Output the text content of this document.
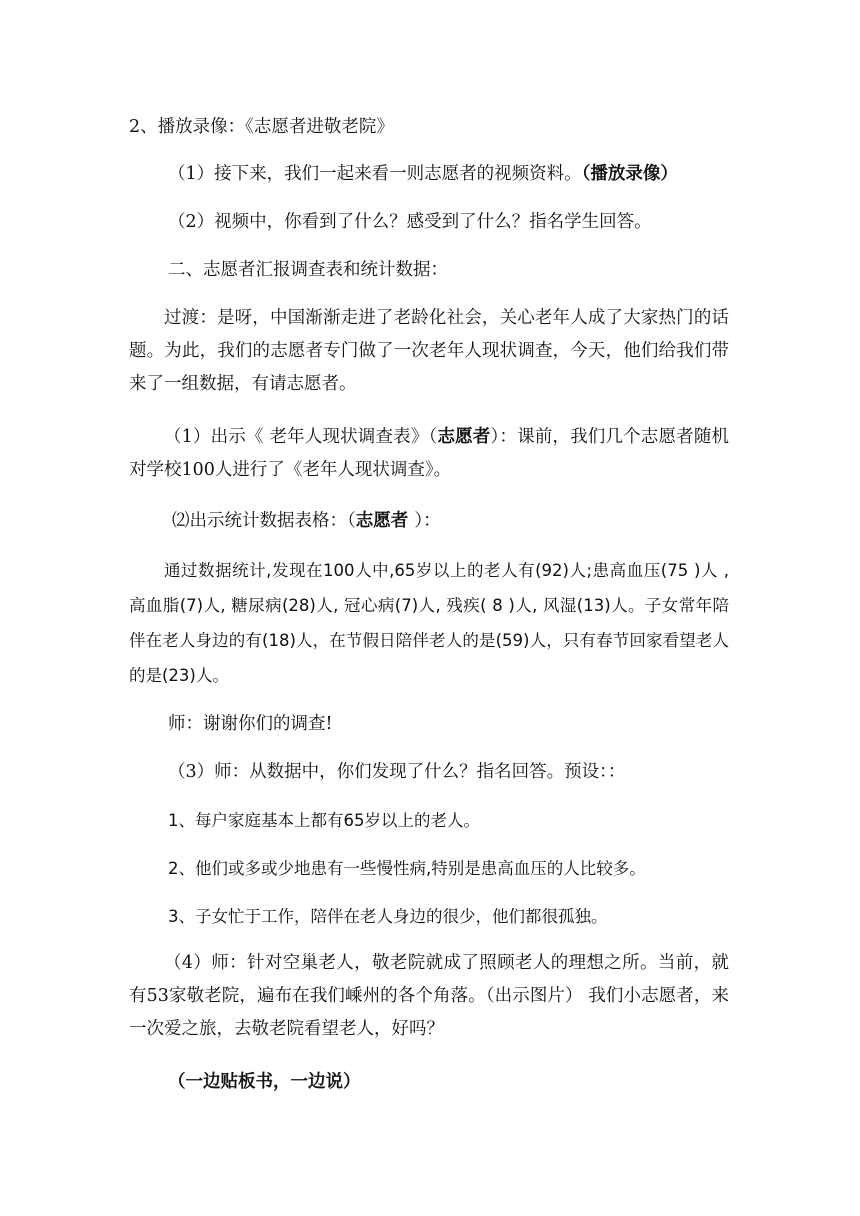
2、播放录像：《志愿者进敬老院》

（1）接下来，我们一起来看一则志愿者的视频资料。（播放录像）

（2）视频中，你看到了什么？感受到了什么？指名学生回答。

二、志愿者汇报调查表和统计数据：

过渡：是呀，中国渐渐走进了老龄化社会，关心老年人成了大家热门的话题。为此，我们的志愿者专门做了一次老年人现状调查，今天，他们给我们带来了一组数据，有请志愿者。

（1）出示《 老年人现状调查表》（志愿者）：课前，我们几个志愿者随机对学校100人进行了《老年人现状调查》。

⑵出示统计数据表格：（志愿者 ）：

通过数据统计,发现在100人中,65岁以上的老人有(92)人;患高血压(75 )人 , 高血脂(7)人, 糖尿病(28)人, 冠心病(7)人, 残疾( 8 )人, 风湿(13)人。子女常年陪伴在老人身边的有(18)人，在节假日陪伴老人的是(59)人，只有春节回家看望老人的是(23)人。

师：谢谢你们的调查!

（3）师：从数据中，你们发现了什么？指名回答。预设：：

1、每户家庭基本上都有65岁以上的老人。

2、他们或多或少地患有一些慢性病,特别是患高血压的人比较多。

3、子女忙于工作，陪伴在老人身边的很少，他们都很孤独。

（4）师：针对空巢老人，敬老院就成了照顾老人的理想之所。当前，就有53家敬老院，遍布在我们嵊州的各个角落。（出示图片） 我们小志愿者，来一次爱之旅，去敬老院看望老人，好吗？

（一边贴板书，一边说）
